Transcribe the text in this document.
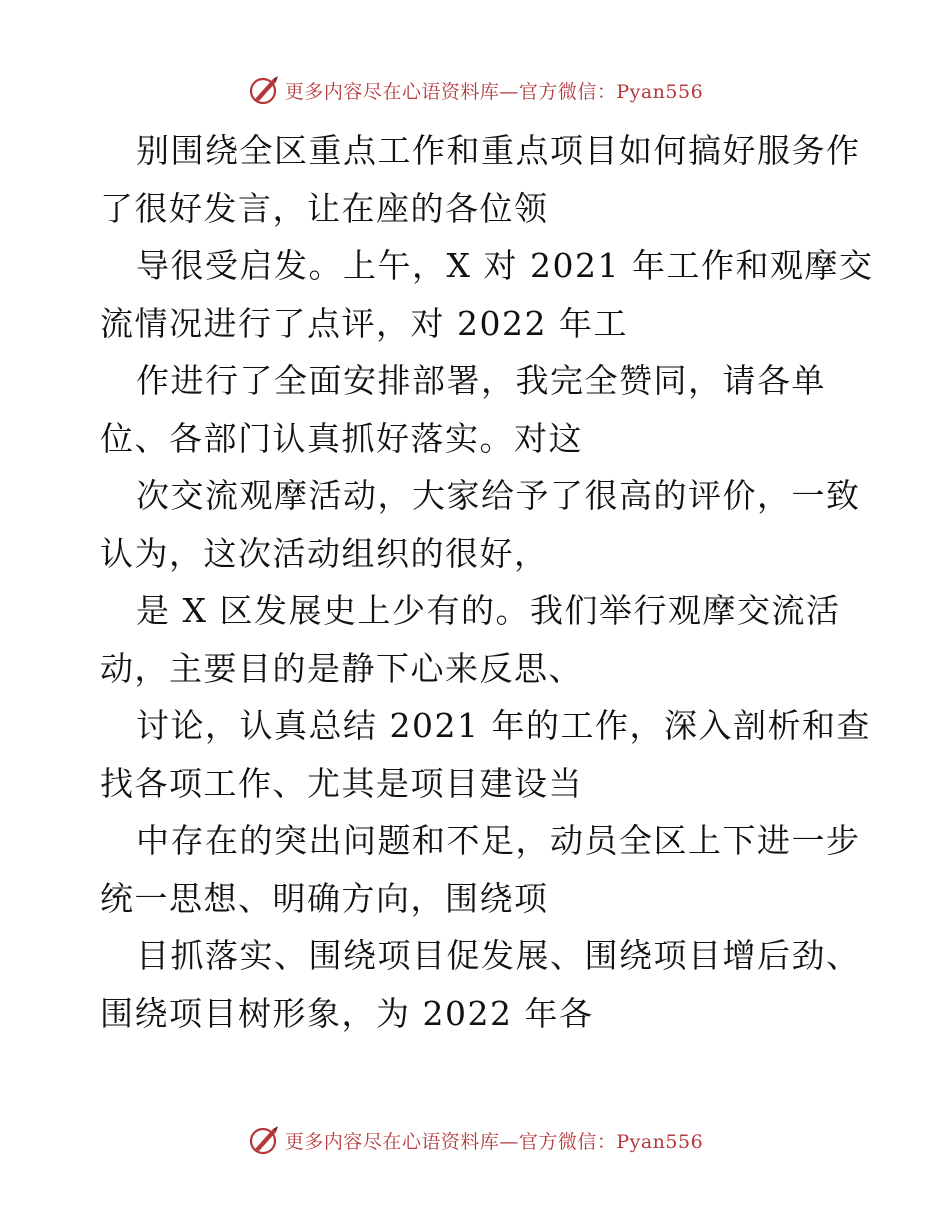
更多内容尽在心语资料库—官方微信：Pyan556
别围绕全区重点工作和重点项目如何搞好服务作
了很好发言，让在座的各位领
导很受启发。上午，X 对 2021 年工作和观摩交
流情况进行了点评，对 2022 年工
作进行了全面安排部署，我完全赞同，请各单
位、各部门认真抓好落实。对这
次交流观摩活动，大家给予了很高的评价，一致
认为，这次活动组织的很好，
是 X 区发展史上少有的。我们举行观摩交流活
动，主要目的是静下心来反思、
讨论，认真总结 2021 年的工作，深入剖析和查
找各项工作、尤其是项目建设当
中存在的突出问题和不足，动员全区上下进一步
统一思想、明确方向，围绕项
目抓落实、围绕项目促发展、围绕项目增后劲、
围绕项目树形象，为 2022 年各
更多内容尽在心语资料库—官方微信：Pyan556
